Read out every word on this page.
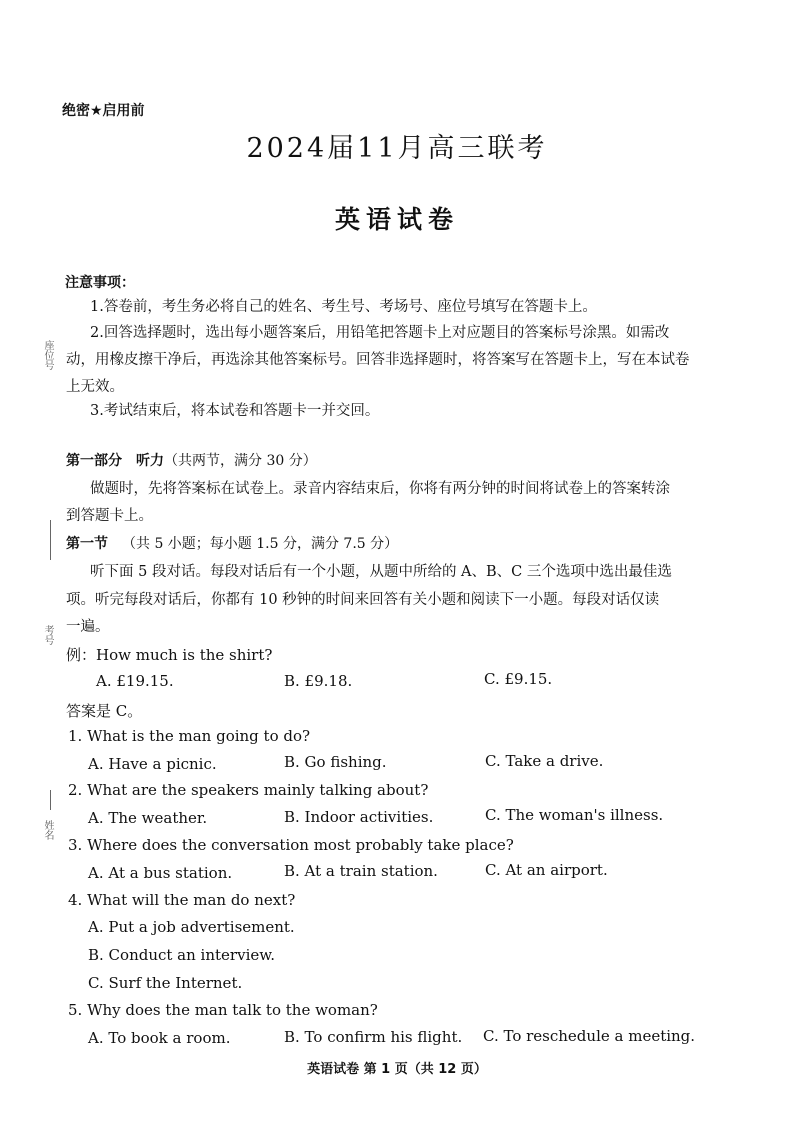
座位号
考号
姓名
绝密★启用前
2024届11月高三联考
英语试卷
注意事项：
1.答卷前，考生务必将自己的姓名、考生号、考场号、座位号填写在答题卡上。
2.回答选择题时，选出每小题答案后，用铅笔把答题卡上对应题目的答案标号涂黑。如需改
动，用橡皮擦干净后，再选涂其他答案标号。回答非选择题时，将答案写在答题卡上，写在本试卷
上无效。
3.考试结束后，将本试卷和答题卡一并交回。
第一部分　听力（共两节，满分 30 分）
做题时，先将答案标在试卷上。录音内容结束后，你将有两分钟的时间将试卷上的答案转涂
到答题卡上。
第一节 （共 5 小题；每小题 1.5 分，满分 7.5 分）
听下面 5 段对话。每段对话后有一个小题，从题中所给的 A、B、C 三个选项中选出最佳选
项。听完每段对话后，你都有 10 秒钟的时间来回答有关小题和阅读下一小题。每段对话仅读
一遍。
例：How much is the shirt?
A. £19.15.	B. £9.18.	C. £9.15.
答案是 C。
1. What is the man going to do?
A. Have a picnic.	B. Go fishing.	C. Take a drive.
2. What are the speakers mainly talking about?
A. The weather.	B. Indoor activities.	C. The woman's illness.
3. Where does the conversation most probably take place?
A. At a bus station.	B. At a train station.	C. At an airport.
4. What will the man do next?
A. Put a job advertisement.
B. Conduct an interview.
C. Surf the Internet.
5. Why does the man talk to the woman?
A. To book a room.	B. To confirm his flight. C. To reschedule a meeting.
英语试卷 第 1 页（共 12 页）
